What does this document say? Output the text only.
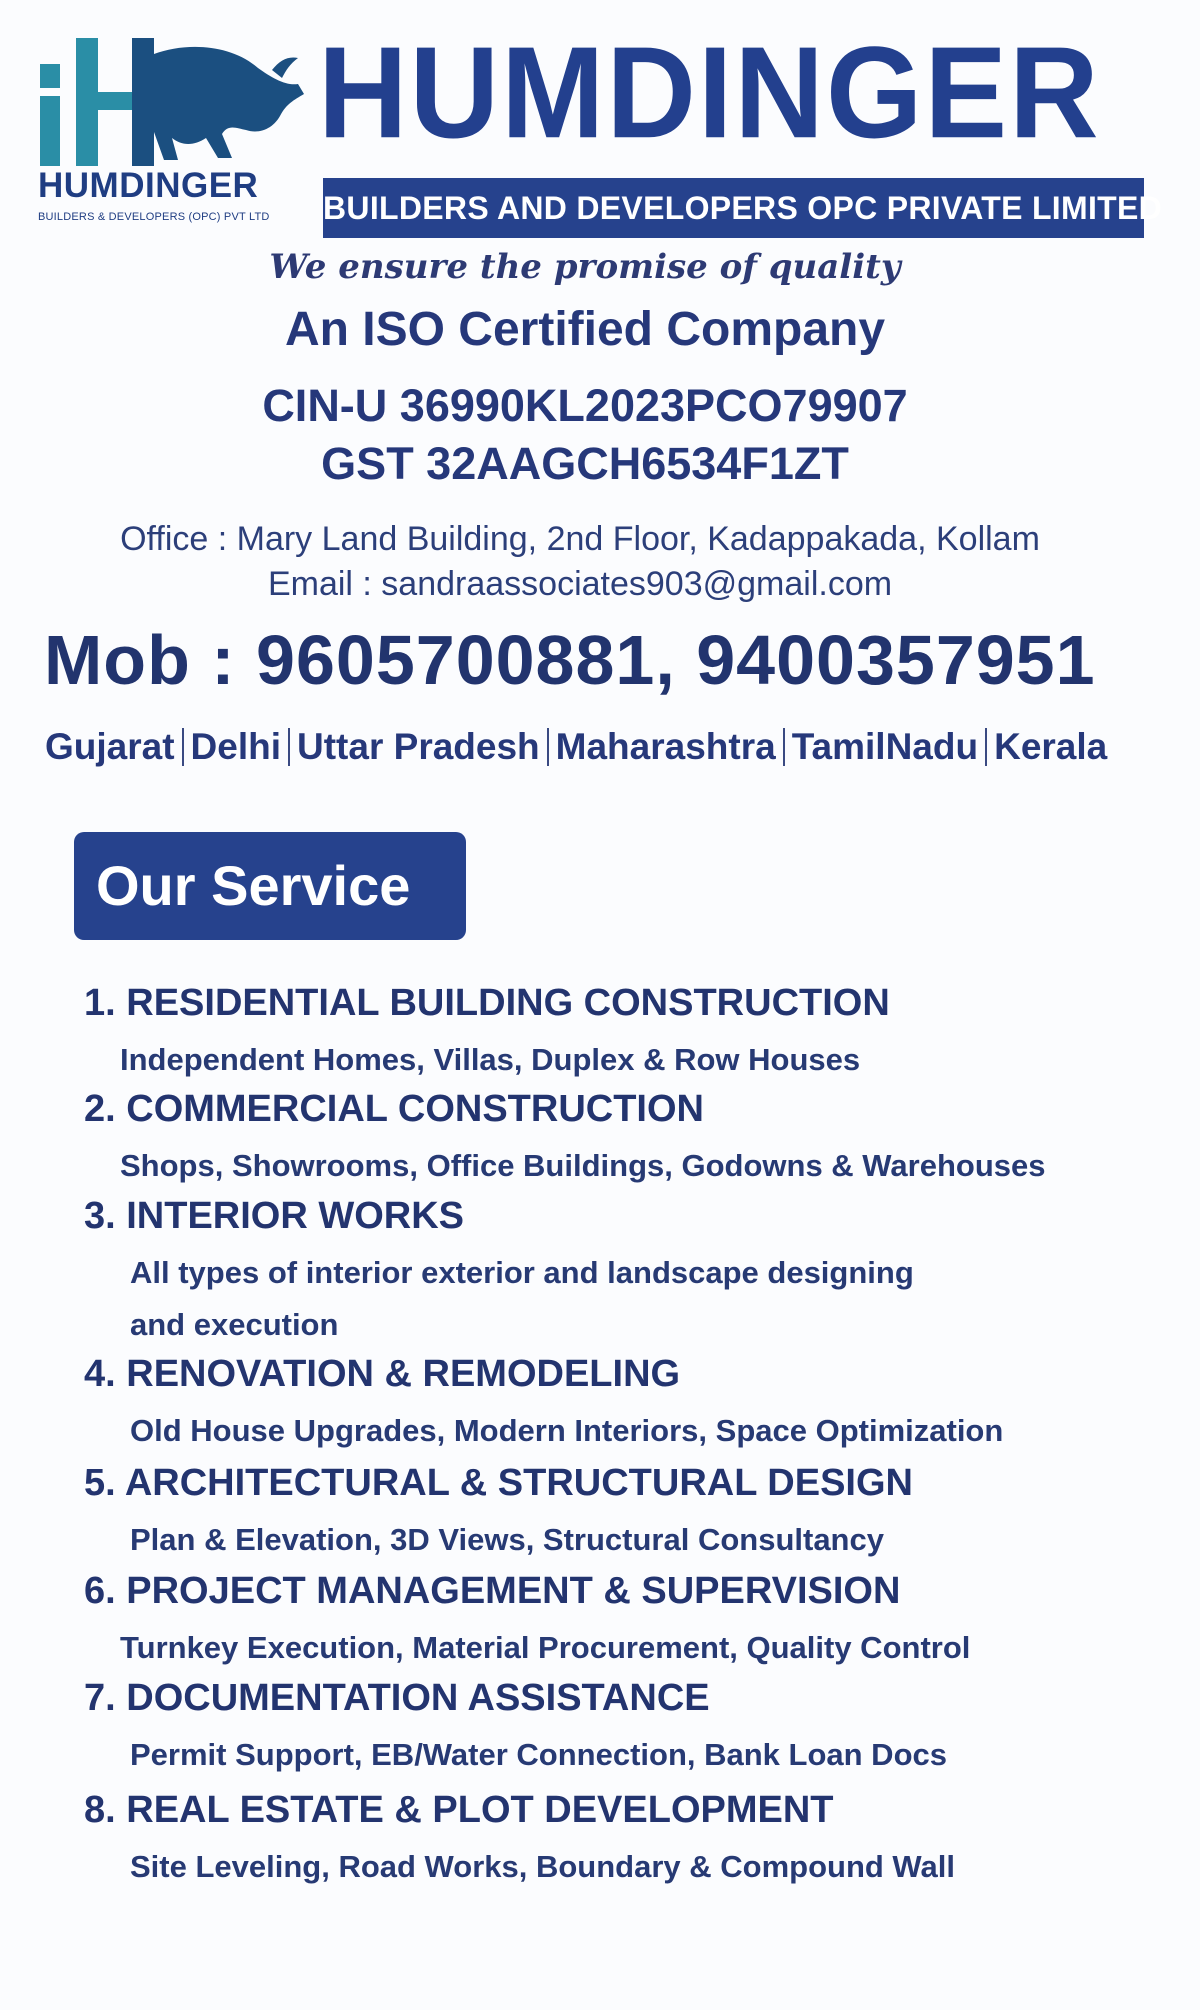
HUMDINGER
BUILDERS & DEVELOPERS (OPC) PVT LTD
HUMDINGER
BUILDERS AND DEVELOPERS OPC PRIVATE LIMITED
We ensure the promise of quality
An ISO Certified Company
CIN-U 36990KL2023PCO79907
GST 32AAGCH6534F1ZT
Office : Mary Land Building, 2nd Floor, Kadappakada, Kollam
Email : sandraassociates903@gmail.com
Mob : 9605700881, 9400357951
Gujarat Delhi Uttar Pradesh Maharashtra TamilNadu Kerala
Our Service
1. RESIDENTIAL BUILDING CONSTRUCTION
Independent Homes, Villas, Duplex & Row Houses
2. COMMERCIAL CONSTRUCTION
Shops, Showrooms, Office Buildings, Godowns & Warehouses
3. INTERIOR WORKS
All types of interior exterior and landscape designing
and execution
4. RENOVATION & REMODELING
Old House Upgrades, Modern Interiors, Space Optimization
5. ARCHITECTURAL & STRUCTURAL DESIGN
Plan & Elevation, 3D Views, Structural Consultancy
6. PROJECT MANAGEMENT & SUPERVISION
Turnkey Execution, Material Procurement, Quality Control
7. DOCUMENTATION ASSISTANCE
Permit Support, EB/Water Connection, Bank Loan Docs
8. REAL ESTATE & PLOT DEVELOPMENT
Site Leveling, Road Works, Boundary & Compound Wall
